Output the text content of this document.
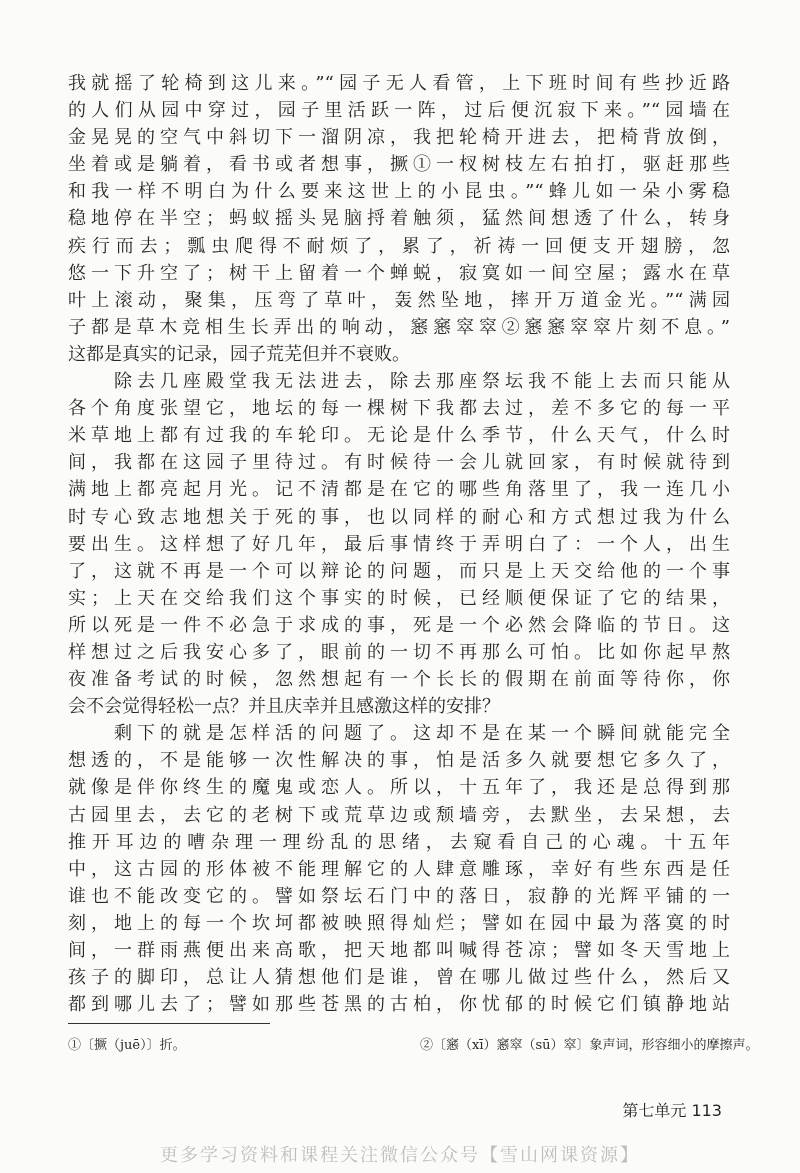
我就摇了轮椅到这儿来。”“园子无人看管，上下班时间有些抄近路
的人们从园中穿过，园子里活跃一阵，过后便沉寂下来。”“园墙在
金晃晃的空气中斜切下一溜阴凉，我把轮椅开进去，把椅背放倒，
坐着或是躺着，看书或者想事，撅①一杈树枝左右拍打，驱赶那些
和我一样不明白为什么要来这世上的小昆虫。”“蜂儿如一朵小雾稳
稳地停在半空；蚂蚁摇头晃脑捋着触须，猛然间想透了什么，转身
疾行而去；瓢虫爬得不耐烦了，累了，祈祷一回便支开翅膀，忽
悠一下升空了；树干上留着一个蝉蜕，寂寞如一间空屋；露水在草
叶上滚动，聚集，压弯了草叶，轰然坠地，摔开万道金光。”“满园
子都是草木竞相生长弄出的响动，窸窸窣窣②窸窸窣窣片刻不息。”
这都是真实的记录，园子荒芜但并不衰败。
　　除去几座殿堂我无法进去，除去那座祭坛我不能上去而只能从
各个角度张望它，地坛的每一棵树下我都去过，差不多它的每一平
米草地上都有过我的车轮印。无论是什么季节，什么天气，什么时
间，我都在这园子里待过。有时候待一会儿就回家，有时候就待到
满地上都亮起月光。记不清都是在它的哪些角落里了，我一连几小
时专心致志地想关于死的事，也以同样的耐心和方式想过我为什么
要出生。这样想了好几年，最后事情终于弄明白了：一个人，出生
了，这就不再是一个可以辩论的问题，而只是上天交给他的一个事
实；上天在交给我们这个事实的时候，已经顺便保证了它的结果，
所以死是一件不必急于求成的事，死是一个必然会降临的节日。这
样想过之后我安心多了，眼前的一切不再那么可怕。比如你起早熬
夜准备考试的时候，忽然想起有一个长长的假期在前面等待你，你
会不会觉得轻松一点？并且庆幸并且感激这样的安排？
　　剩下的就是怎样活的问题了。这却不是在某一个瞬间就能完全
想透的，不是能够一次性解决的事，怕是活多久就要想它多久了，
就像是伴你终生的魔鬼或恋人。所以，十五年了，我还是总得到那
古园里去，去它的老树下或荒草边或颓墙旁，去默坐，去呆想，去
推开耳边的嘈杂理一理纷乱的思绪，去窥看自己的心魂。十五年
中，这古园的形体被不能理解它的人肆意雕琢，幸好有些东西是任
谁也不能改变它的。譬如祭坛石门中的落日，寂静的光辉平铺的一
刻，地上的每一个坎坷都被映照得灿烂；譬如在园中最为落寞的时
间，一群雨燕便出来高歌，把天地都叫喊得苍凉；譬如冬天雪地上
孩子的脚印，总让人猜想他们是谁，曾在哪儿做过些什么，然后又
都到哪儿去了；譬如那些苍黑的古柏，你忧郁的时候它们镇静地站
①〔撅（juē）〕折。	②〔窸（xī）窸窣（sū）窣〕象声词，形容细小的摩擦声。
第七单元 113
更多学习资料和课程关注微信公众号【雪山网课资源】
